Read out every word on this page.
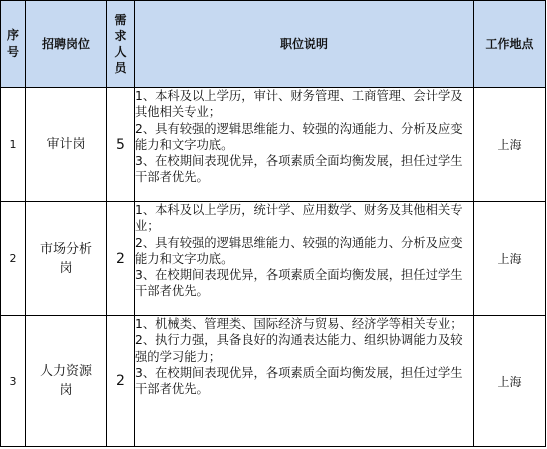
序号	招聘岗位	需求人员	职位说明	工作地点
1	审计岗	5	1、本科及以上学历，审计、财务管理、工商管理、会计学及其他相关专业；
2、具有较强的逻辑思维能力、较强的沟通能力、分析及应变能力和文字功底。
3、在校期间表现优异，各项素质全面均衡发展，担任过学生干部者优先。	上海
2	市场分析岗	2	1、本科及以上学历，统计学、应用数学、财务及其他相关专业；
2、具有较强的逻辑思维能力、较强的沟通能力、分析及应变能力和文字功底。
3、在校期间表现优异，各项素质全面均衡发展，担任过学生干部者优先。	上海
3	人力资源岗	2	1、机械类、管理类、国际经济与贸易、经济学等相关专业；
2、执行力强，具备良好的沟通表达能力、组织协调能力及较强的学习能力；
3、在校期间表现优异，各项素质全面均衡发展，担任过学生干部者优先。	上海
